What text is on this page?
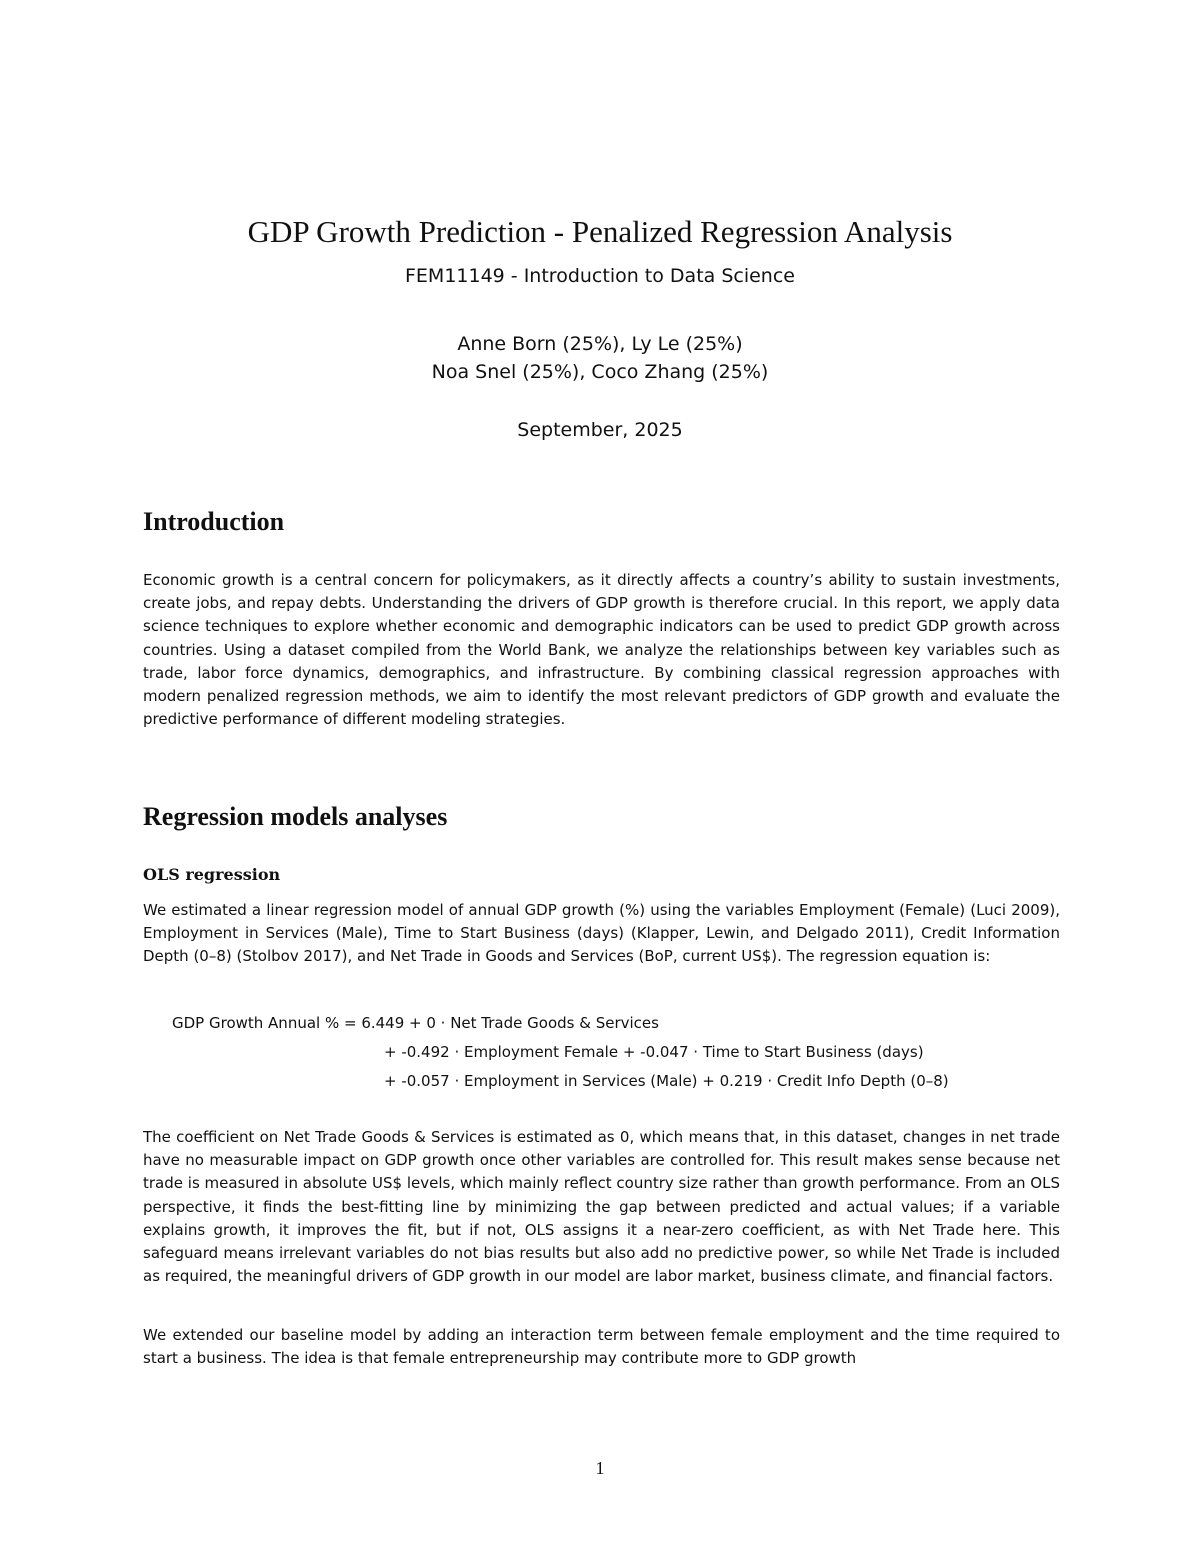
GDP Growth Prediction - Penalized Regression Analysis
FEM11149 - Introduction to Data Science
Anne Born (25%), Ly Le (25%)
Noa Snel (25%), Coco Zhang (25%)
September, 2025
Introduction
Economic growth is a central concern for policymakers, as it directly affects a country’s ability to sustain investments, create jobs, and repay debts. Understanding the drivers of GDP growth is therefore crucial. In this report, we apply data science techniques to explore whether economic and demographic indicators can be used to predict GDP growth across countries. Using a dataset compiled from the World Bank, we analyze the relationships between key variables such as trade, labor force dynamics, demographics, and infrastructure. By combining classical regression approaches with modern penalized regression methods, we aim to identify the most relevant predictors of GDP growth and evaluate the predictive performance of different modeling strategies.
Regression models analyses
OLS regression
We estimated a linear regression model of annual GDP growth (%) using the variables Employment (Female) (Luci 2009), Employment in Services (Male), Time to Start Business (days) (Klapper, Lewin, and Delgado 2011), Credit Information Depth (0–8) (Stolbov 2017), and Net Trade in Goods and Services (BoP, current US$). The regression equation is:
GDP Growth Annual % = 6.449 + 0 · Net Trade Goods & Services
+ -0.492 · Employment Female + -0.047 · Time to Start Business (days)
+ -0.057 · Employment in Services (Male) + 0.219 · Credit Info Depth (0–8)
The coefficient on Net Trade Goods & Services is estimated as 0, which means that, in this dataset, changes in net trade have no measurable impact on GDP growth once other variables are controlled for. This result makes sense because net trade is measured in absolute US$ levels, which mainly reflect country size rather than growth performance. From an OLS perspective, it finds the best-fitting line by minimizing the gap between predicted and actual values; if a variable explains growth, it improves the fit, but if not, OLS assigns it a near-zero coefficient, as with Net Trade here. This safeguard means irrelevant variables do not bias results but also add no predictive power, so while Net Trade is included as required, the meaningful drivers of GDP growth in our model are labor market, business climate, and financial factors.
We extended our baseline model by adding an interaction term between female employment and the time required to start a business. The idea is that female entrepreneurship may contribute more to GDP growth
1
